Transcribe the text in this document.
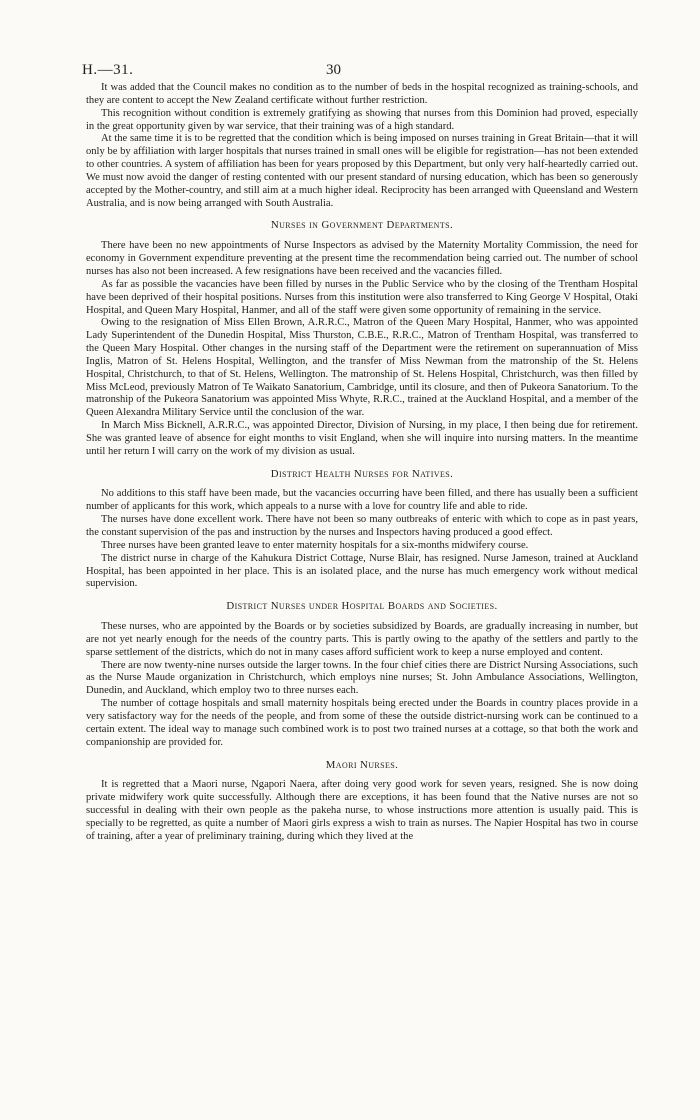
H.—31.	30

It was added that the Council makes no condition as to the number of beds in the hospital recognized as training-schools, and they are content to accept the New Zealand certificate without further restriction.

This recognition without condition is extremely gratifying as showing that nurses from this Dominion had proved, especially in the great opportunity given by war service, that their training was of a high standard.

At the same time it is to be regretted that the condition which is being imposed on nurses training in Great Britain—that it will only be by affiliation with larger hospitals that nurses trained in small ones will be eligible for registration—has not been extended to other countries. A system of affiliation has been for years proposed by this Department, but only very half-heartedly carried out. We must now avoid the danger of resting contented with our present standard of nursing education, which has been so generously accepted by the Mother-country, and still aim at a much higher ideal. Reciprocity has been arranged with Queensland and Western Australia, and is now being arranged with South Australia.

Nurses in Government Departments.

There have been no new appointments of Nurse Inspectors as advised by the Maternity Mortality Commission, the need for economy in Government expenditure preventing at the present time the recommendation being carried out. The number of school nurses has also not been increased. A few resignations have been received and the vacancies filled.

As far as possible the vacancies have been filled by nurses in the Public Service who by the closing of the Trentham Hospital have been deprived of their hospital positions. Nurses from this institution were also transferred to King George V Hospital, Otaki Hospital, and Queen Mary Hospital, Hanmer, and all of the staff were given some opportunity of remaining in the service.

Owing to the resignation of Miss Ellen Brown, A.R.R.C., Matron of the Queen Mary Hospital, Hanmer, who was appointed Lady Superintendent of the Dunedin Hospital, Miss Thurston, C.B.E., R.R.C., Matron of Trentham Hospital, was transferred to the Queen Mary Hospital. Other changes in the nursing staff of the Department were the retirement on superannuation of Miss Inglis, Matron of St. Helens Hospital, Wellington, and the transfer of Miss Newman from the matronship of the St. Helens Hospital, Christchurch, to that of St. Helens, Wellington. The matronship of St. Helens Hospital, Christchurch, was then filled by Miss McLeod, previously Matron of Te Waikato Sanatorium, Cambridge, until its closure, and then of Pukeora Sanatorium. To the matronship of the Pukeora Sanatorium was appointed Miss Whyte, R.R.C., trained at the Auckland Hospital, and a member of the Queen Alexandra Military Service until the conclusion of the war.

In March Miss Bicknell, A.R.R.C., was appointed Director, Division of Nursing, in my place, I then being due for retirement. She was granted leave of absence for eight months to visit England, when she will inquire into nursing matters. In the meantime until her return I will carry on the work of my division as usual.

District Health Nurses for Natives.

No additions to this staff have been made, but the vacancies occurring have been filled, and there has usually been a sufficient number of applicants for this work, which appeals to a nurse with a love for country life and able to ride.

The nurses have done excellent work. There have not been so many outbreaks of enteric with which to cope as in past years, the constant supervision of the pas and instruction by the nurses and Inspectors having produced a good effect.

Three nurses have been granted leave to enter maternity hospitals for a six-months midwifery course.

The district nurse in charge of the Kahukura District Cottage, Nurse Blair, has resigned. Nurse Jameson, trained at Auckland Hospital, has been appointed in her place. This is an isolated place, and the nurse has much emergency work without medical supervision.

District Nurses under Hospital Boards and Societies.

These nurses, who are appointed by the Boards or by societies subsidized by Boards, are gradually increasing in number, but are not yet nearly enough for the needs of the country parts. This is partly owing to the apathy of the settlers and partly to the sparse settlement of the districts, which do not in many cases afford sufficient work to keep a nurse employed and content.

There are now twenty-nine nurses outside the larger towns. In the four chief cities there are District Nursing Associations, such as the Nurse Maude organization in Christchurch, which employs nine nurses; St. John Ambulance Associations, Wellington, Dunedin, and Auckland, which employ two to three nurses each.

The number of cottage hospitals and small maternity hospitals being erected under the Boards in country places provide in a very satisfactory way for the needs of the people, and from some of these the outside district-nursing work can be continued to a certain extent. The ideal way to manage such combined work is to post two trained nurses at a cottage, so that both the work and companionship are provided for.

Maori Nurses.

It is regretted that a Maori nurse, Ngapori Naera, after doing very good work for seven years, resigned. She is now doing private midwifery work quite successfully. Although there are exceptions, it has been found that the Native nurses are not so successful in dealing with their own people as the pakeha nurse, to whose instructions more attention is usually paid. This is specially to be regretted, as quite a number of Maori girls express a wish to train as nurses. The Napier Hospital has two in course of training, after a year of preliminary training, during which they lived at the
